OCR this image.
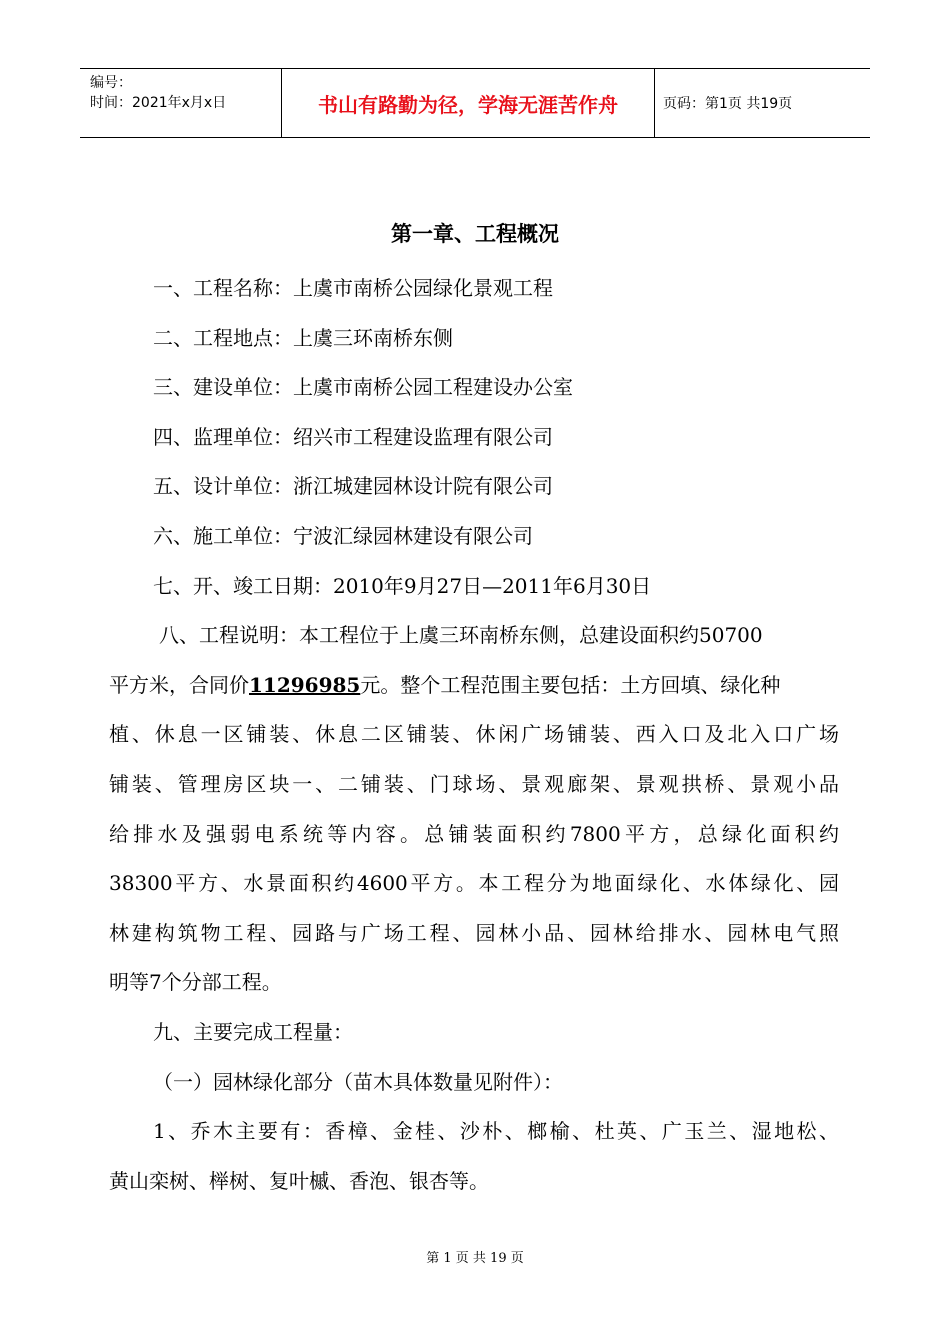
编号：
时间：2021年x月x日	书山有路勤为径，学海无涯苦作舟	页码：第1页 共19页
第一章、工程概况
一、工程名称：上虞市南桥公园绿化景观工程
二、工程地点：上虞三环南桥东侧
三、建设单位：上虞市南桥公园工程建设办公室
四、监理单位：绍兴市工程建设监理有限公司
五、设计单位：浙江城建园林设计院有限公司
六、施工单位：宁波汇绿园林建设有限公司
七、开、竣工日期：2010年9月27日—2011年6月30日
八、工程说明：本工程位于上虞三环南桥东侧，总建设面积约50700
平方米，合同价11296985元。整个工程范围主要包括：土方回填、绿化种
植、休息一区铺装、休息二区铺装、休闲广场铺装、西入口及北入口广场
铺装、管理房区块一、二铺装、门球场、景观廊架、景观拱桥、景观小品
给排水及强弱电系统等内容。总铺装面积约7800平方，总绿化面积约
38300平方、水景面积约4600平方。本工程分为地面绿化、水体绿化、园
林建构筑物工程、园路与广场工程、园林小品、园林给排水、园林电气照
明等7个分部工程。
九、主要完成工程量：
（一）园林绿化部分（苗木具体数量见附件）：
1、乔木主要有：香樟、金桂、沙朴、榔榆、杜英、广玉兰、湿地松、
黄山栾树、榉树、复叶槭、香泡、银杏等。
第 1 页 共 19 页
